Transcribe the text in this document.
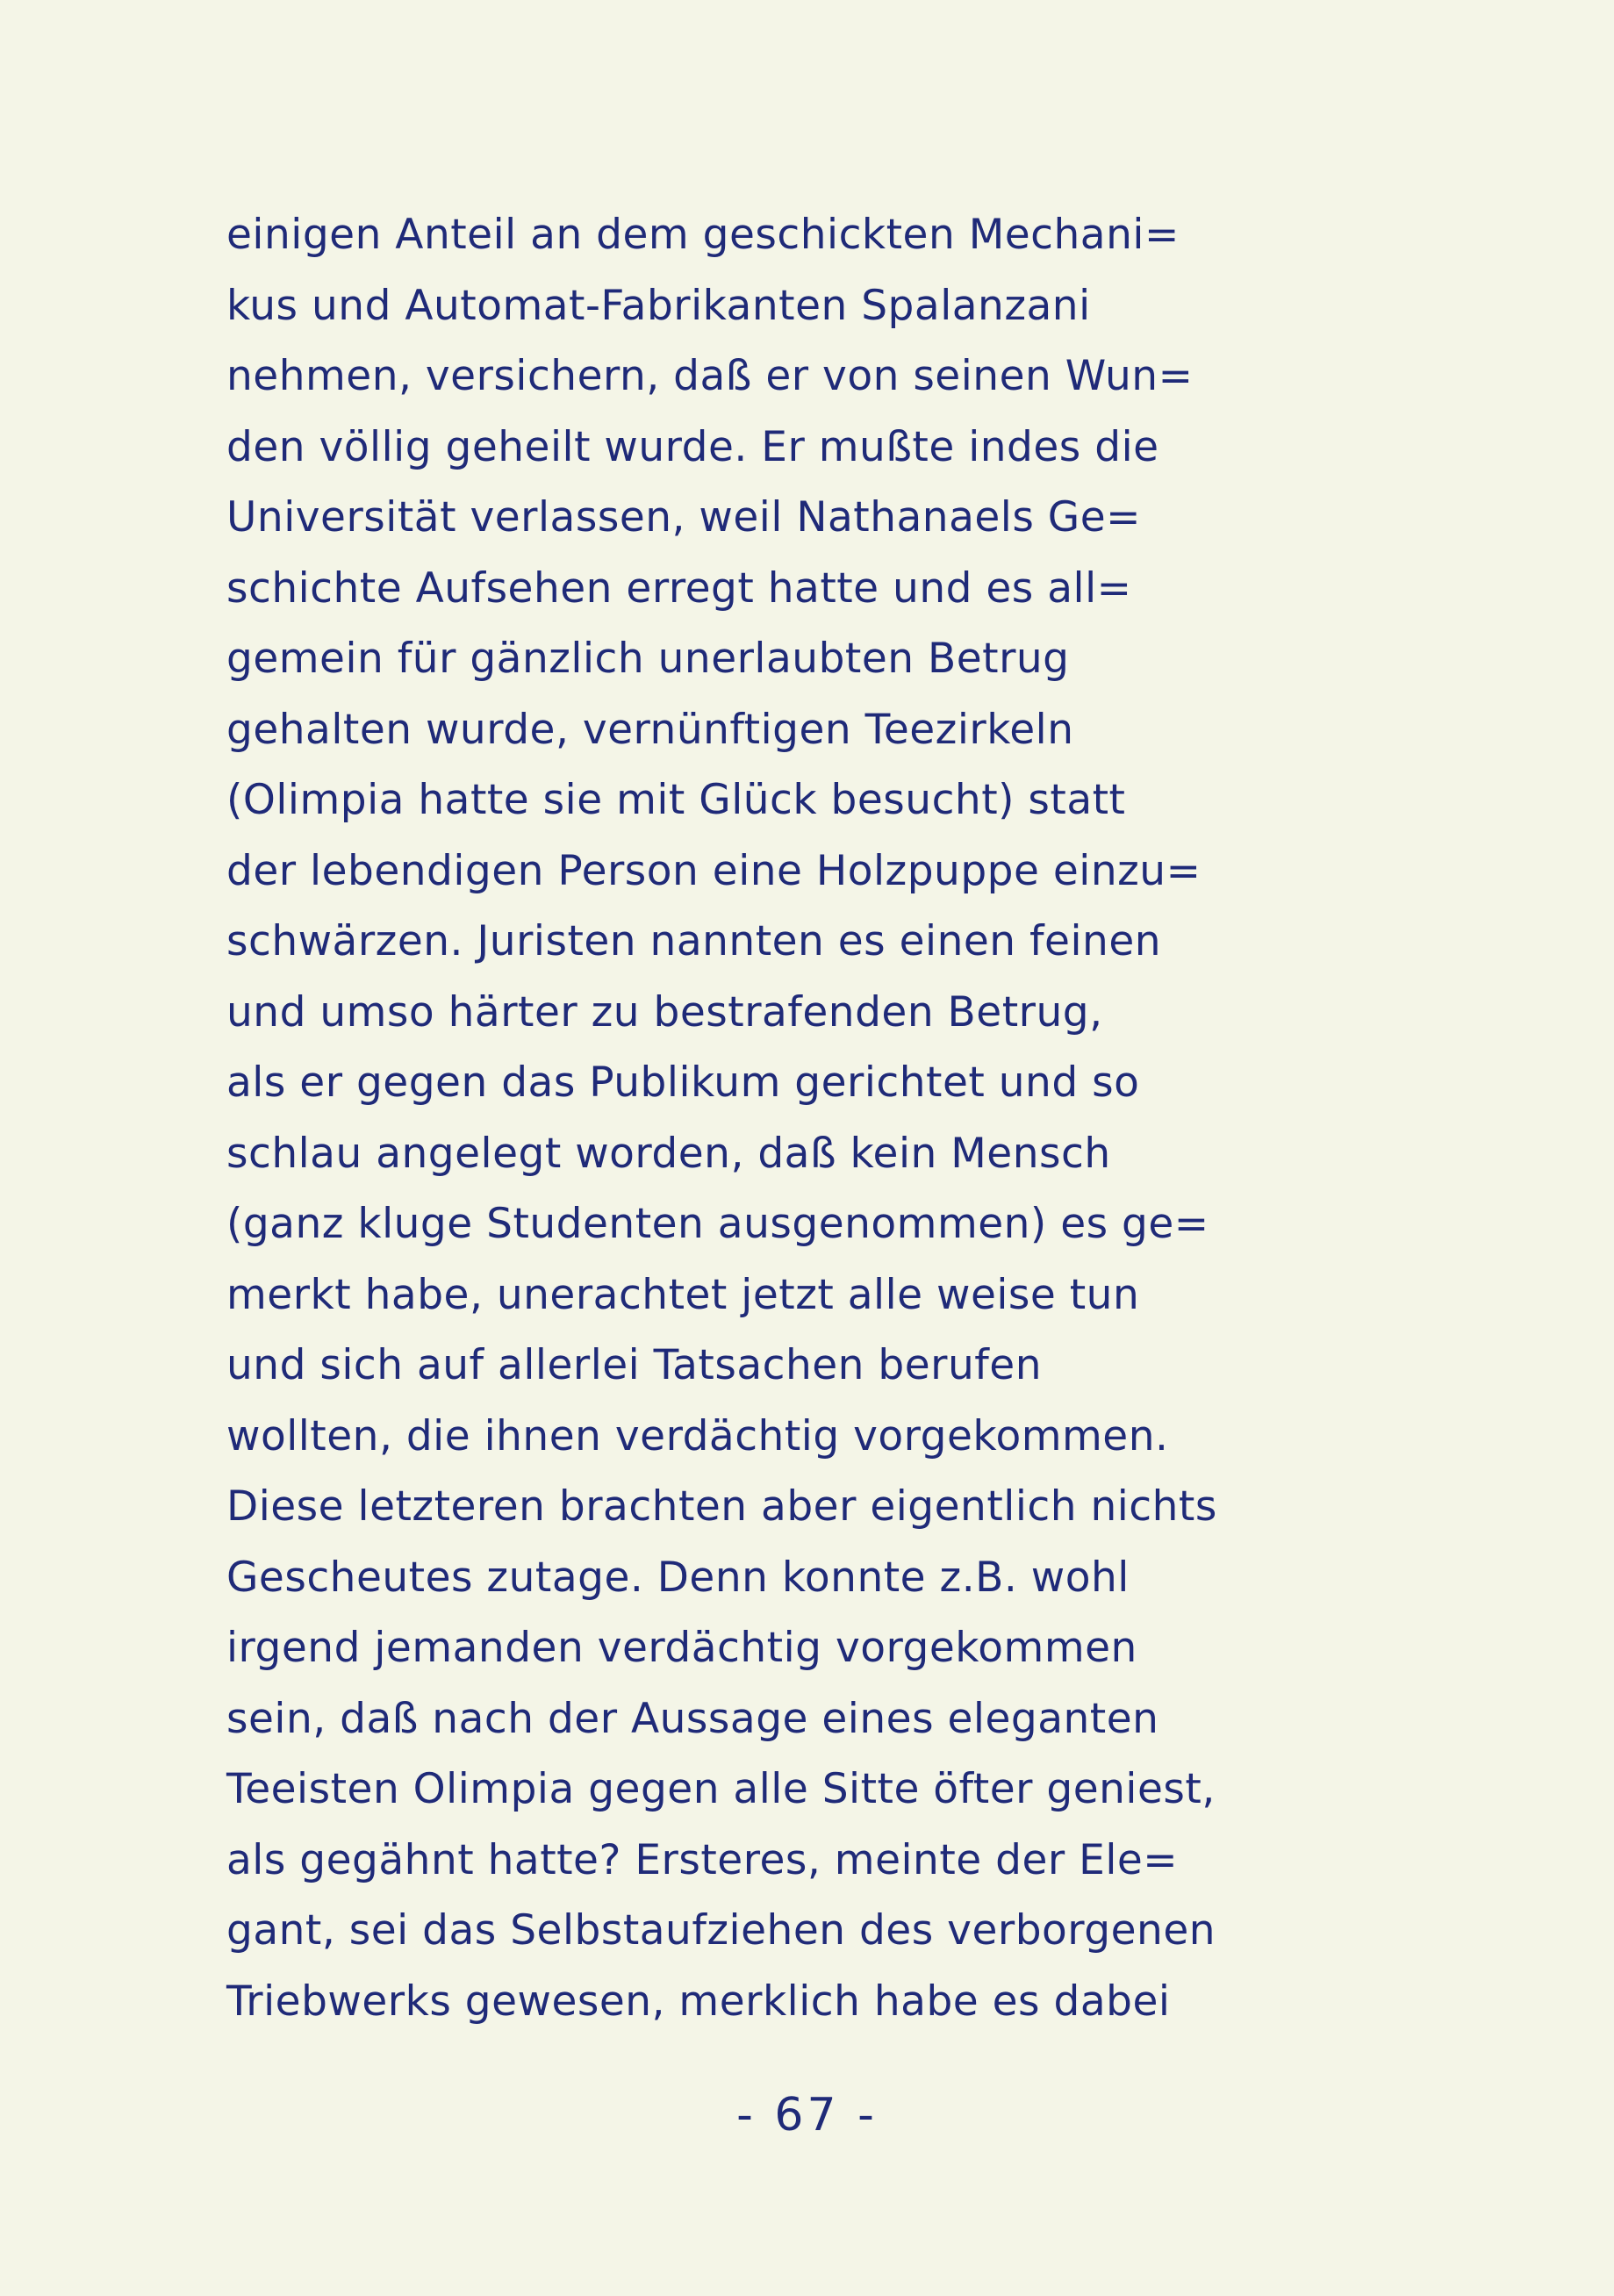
einigen Anteil an dem geschickten Mechani=
kus und Automat-Fabrikanten Spalanzani
nehmen, versichern, daß er von seinen Wun=
den völlig geheilt wurde. Er mußte indes die
Universität verlassen, weil Nathanaels Ge=
schichte Aufsehen erregt hatte und es all=
gemein für gänzlich unerlaubten Betrug
gehalten wurde, vernünftigen Teezirkeln
(Olimpia hatte sie mit Glück besucht) statt
der lebendigen Person eine Holzpuppe einzu=
schwärzen. Juristen nannten es einen feinen
und umso härter zu bestrafenden Betrug,
als er gegen das Publikum gerichtet und so
schlau angelegt worden, daß kein Mensch
(ganz kluge Studenten ausgenommen) es ge=
merkt habe, unerachtet jetzt alle weise tun
und sich auf allerlei Tatsachen berufen
wollten, die ihnen verdächtig vorgekommen.
Diese letzteren brachten aber eigentlich nichts
Gescheutes zutage. Denn konnte z.B. wohl
irgend jemanden verdächtig vorgekommen
sein, daß nach der Aussage eines eleganten
Teeisten Olimpia gegen alle Sitte öfter geniest,
als gegähnt hatte? Ersteres, meinte der Ele=
gant, sei das Selbstaufziehen des verborgenen
Triebwerks gewesen, merklich habe es dabei
- 67 -
